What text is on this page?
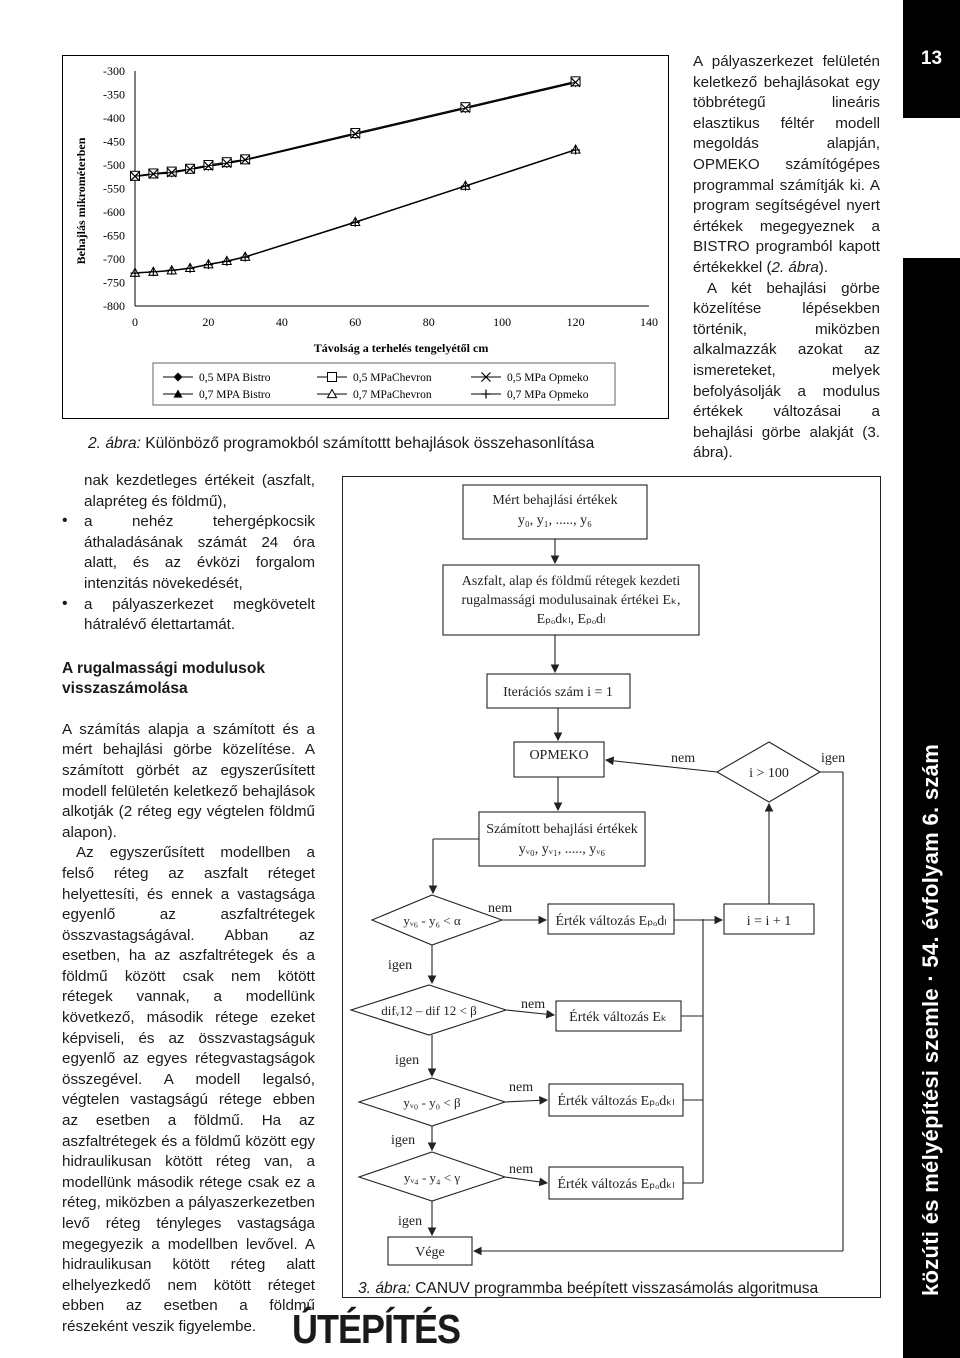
13
közúti és mélyépítési szemle · 54. évfolyam 6. szám
-300
-350
-400
-450
-500
-550
-600
-650
-700
-750
-800
0	20	40	60	80	100	120	140
Behajlás mikrométerben
Távolság a terhelés tengelyétől cm
0,5 MPA Bistro	0,5 MPaChevron	0,5 MPa Opmeko
0,7 MPA Bistro	0,7 MPaChevron	0,7 MPa Opmeko
2. ábra: Különböző programokból számítottt behajlások összehasonlítása

A pályaszerkezet felületén keletkező behajlásokat egy többrétegű lineáris elasztikus féltér modell megoldás alapján, OPMEKO számítógépes programmal számítják ki. A program segítségével nyert értékek megegyeznek a BISTRO programból kapott értékekkel (2. ábra).

A két behajlási görbe közelítése lépésekben történik, miközben alkalmazzák azokat az ismereteket, melyek befolyásolják a modulus értékek változásai a behajlási görbe alakját (3. ábra).

nak kezdetleges értékeit (aszfalt, alapréteg és földmű),

•	a nehéz tehergépkocsik áthaladásának számát 24 óra alatt, és az évközi forgalom intenzitás növekedését,

•	a pályaszerkezet megkövetelt hátralévő élettartamát.

A rugalmassági modulusok visszaszámolása

A számítás alapja a számított és a mért behajlási görbe közelítése. A számított görbét az egyszerűsített modell felületén keletkező behajlások alkotják (2 réteg egy végtelen földmű alapon).

Az egyszerűsített modellben a felső réteg az aszfalt réteget helyettesíti, és ennek a vastagsága egyenlő az aszfaltrétegek összvastagságával. Abban az esetben, ha az aszfaltrétegek és a földmű között csak nem kötött rétegek vannak, a modellünk következő, második rétege ezeket képviseli, és az összvastagságuk egyenlő az egyes rétegvastagságok összegével. A modell legalsó, végtelen vastagságú rétege ebben az esetben a földmű. Ha az aszfaltrétegek és a földmű között egy hidraulikusan kötött réteg van, a modellünk második rétege csak ez a réteg, miközben a pályaszerkezetben levő réteg tényleges vastagsága megegyezik a modellben levővel. A hidraulikusan kötött réteg alatt elhelyezkedő nem kötött réteget ebben az esetben a földmű részeként veszik figyelembe.

Mért behajlási értékek
y₀, y₁, ....., y₆
Aszfalt, alap és földmű rétegek kezdeti
rugalmassági modulusainak értékei Eₖ,
Eₚₒdₖₗ, Eₚₒdₗ
Iterációs szám i = 1
OPMEKO
i > 100
Számított behajlási értékek
yᵥ₀, yᵥ₁, ....., yᵥ₆
yᵥ₆ - y₆ < α	Érték változás Eₚₒdₗ	i = i + 1
difᵥ12 – dif 12 < β	Érték változás Eₖ
yᵥ₀ - y₀ < β	Érték változás Eₚₒdₖₗ
yᵥ₄ - y₄ < γ	Érték változás Eₚₒdₖₗ
Vége
nem	igen
nem
igen
nem
igen
nem
igen
nem
igen
3. ábra: CANUV programmba beépített visszasámolás algoritmusa
ÚTÉPÍTÉS
